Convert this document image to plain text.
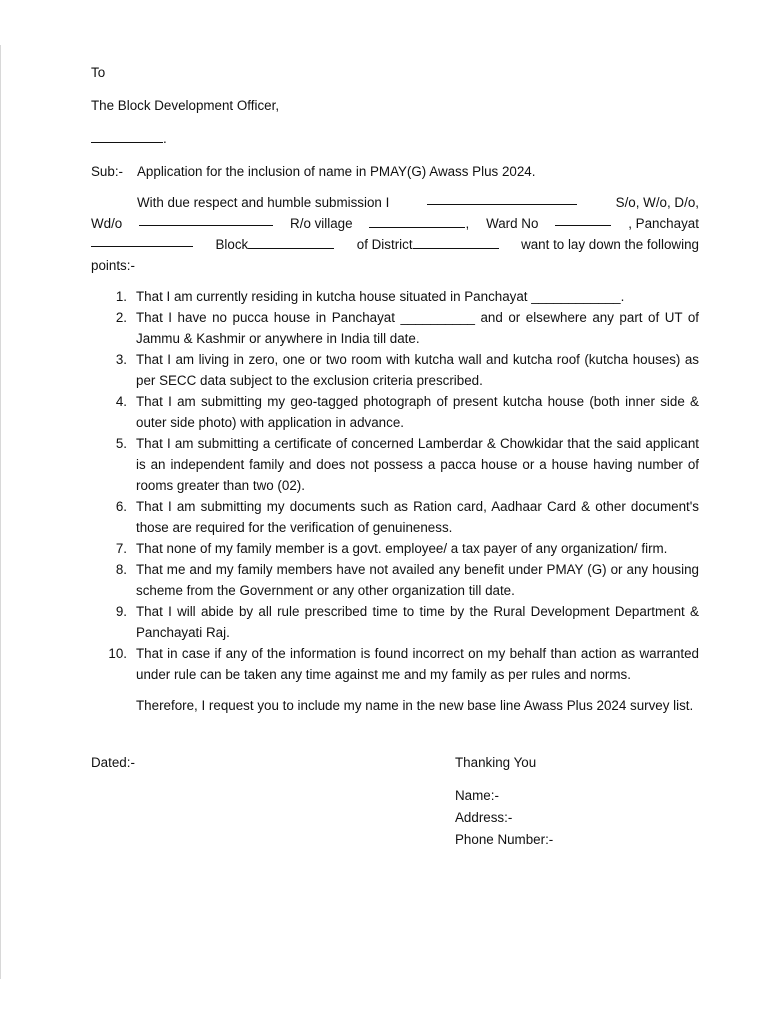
To

The Block Development Officer,

.

Sub:-	Application for the inclusion of name in PMAY(G) Awass Plus 2024.
With due respect and humble submission I	S/o, W/o, D/o,
Wd/o	R/o village	, Ward No	, Panchayat
Block	of District	want to lay down the following

points:-

1. That I am currently residing in kutcha house situated in Panchayat ____________.
2. That I have no pucca house in Panchayat __________ and or elsewhere any part of UT of Jammu & Kashmir or anywhere in India till date.
3. That I am living in zero, one or two room with kutcha wall and kutcha roof (kutcha houses) as per SECC data subject to the exclusion criteria prescribed.
4. That I am submitting my geo-tagged photograph of present kutcha house (both inner side & outer side photo) with application in advance.
5. That I am submitting a certificate of concerned Lamberdar & Chowkidar that the said applicant is an independent family and does not possess a pacca house or a house having number of rooms greater than two (02).
6. That I am submitting my documents such as Ration card, Aadhaar Card & other document's those are required for the verification of genuineness.
7. That none of my family member is a govt. employee/ a tax payer of any organization/ firm.
8. That me and my family members have not availed any benefit under PMAY (G) or any housing scheme from the Government or any other organization till date.
9. That I will abide by all rule prescribed time to time by the Rural Development Department & Panchayati Raj.
10. That in case if any of the information is found incorrect on my behalf than action as warranted under rule can be taken any time against me and my family as per rules and norms.

Therefore, I request you to include my name in the new base line Awass Plus 2024 survey list.

Dated:-	Thanking You
Name:-
Address:-
Phone Number:-
